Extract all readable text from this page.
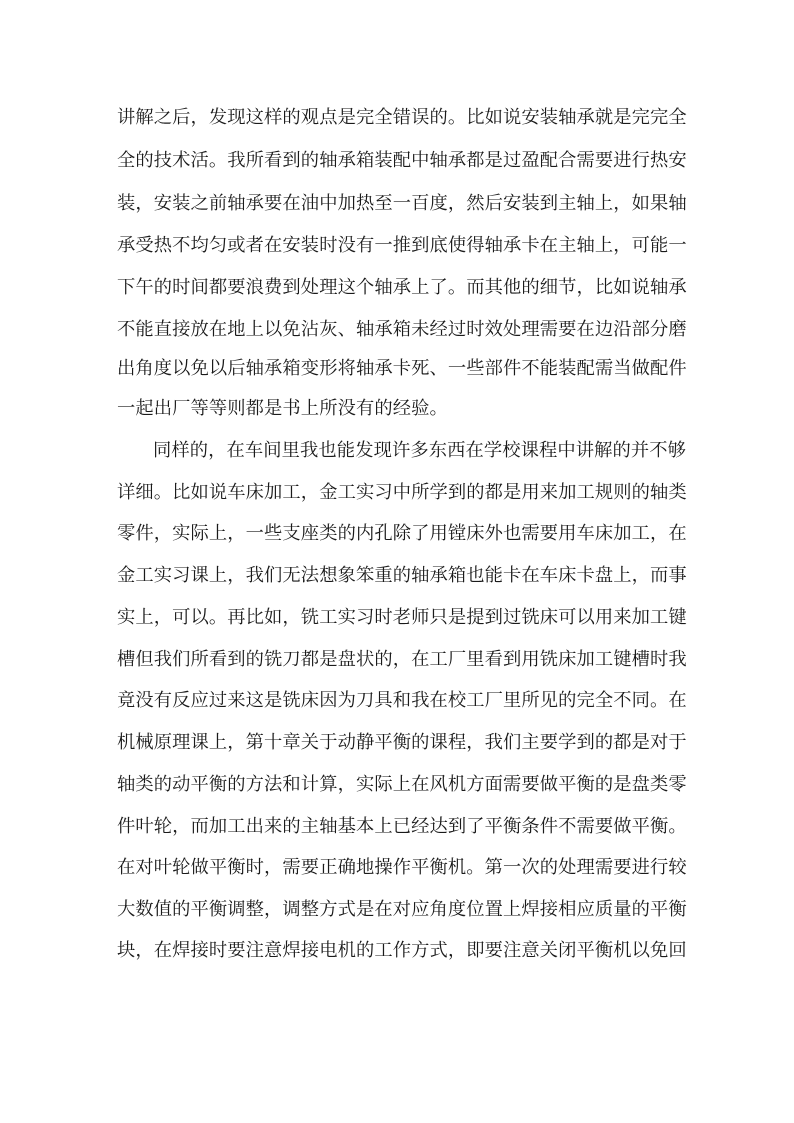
讲解之后，发现这样的观点是完全错误的。比如说安装轴承就是完完全
全的技术活。我所看到的轴承箱装配中轴承都是过盈配合需要进行热安
装，安装之前轴承要在油中加热至一百度，然后安装到主轴上，如果轴
承受热不均匀或者在安装时没有一推到底使得轴承卡在主轴上，可能一
下午的时间都要浪费到处理这个轴承上了。而其他的细节，比如说轴承
不能直接放在地上以免沾灰、轴承箱未经过时效处理需要在边沿部分磨
出角度以免以后轴承箱变形将轴承卡死、一些部件不能装配需当做配件
一起出厂等等则都是书上所没有的经验。
同样的，在车间里我也能发现许多东西在学校课程中讲解的并不够
详细。比如说车床加工，金工实习中所学到的都是用来加工规则的轴类
零件，实际上，一些支座类的内孔除了用镗床外也需要用车床加工，在
金工实习课上，我们无法想象笨重的轴承箱也能卡在车床卡盘上，而事
实上，可以。再比如，铣工实习时老师只是提到过铣床可以用来加工键
槽但我们所看到的铣刀都是盘状的，在工厂里看到用铣床加工键槽时我
竟没有反应过来这是铣床因为刀具和我在校工厂里所见的完全不同。在
机械原理课上，第十章关于动静平衡的课程，我们主要学到的都是对于
轴类的动平衡的方法和计算，实际上在风机方面需要做平衡的是盘类零
件叶轮，而加工出来的主轴基本上已经达到了平衡条件不需要做平衡。
在对叶轮做平衡时，需要正确地操作平衡机。第一次的处理需要进行较
大数值的平衡调整，调整方式是在对应角度位置上焊接相应质量的平衡
块，在焊接时要注意焊接电机的工作方式，即要注意关闭平衡机以免回
